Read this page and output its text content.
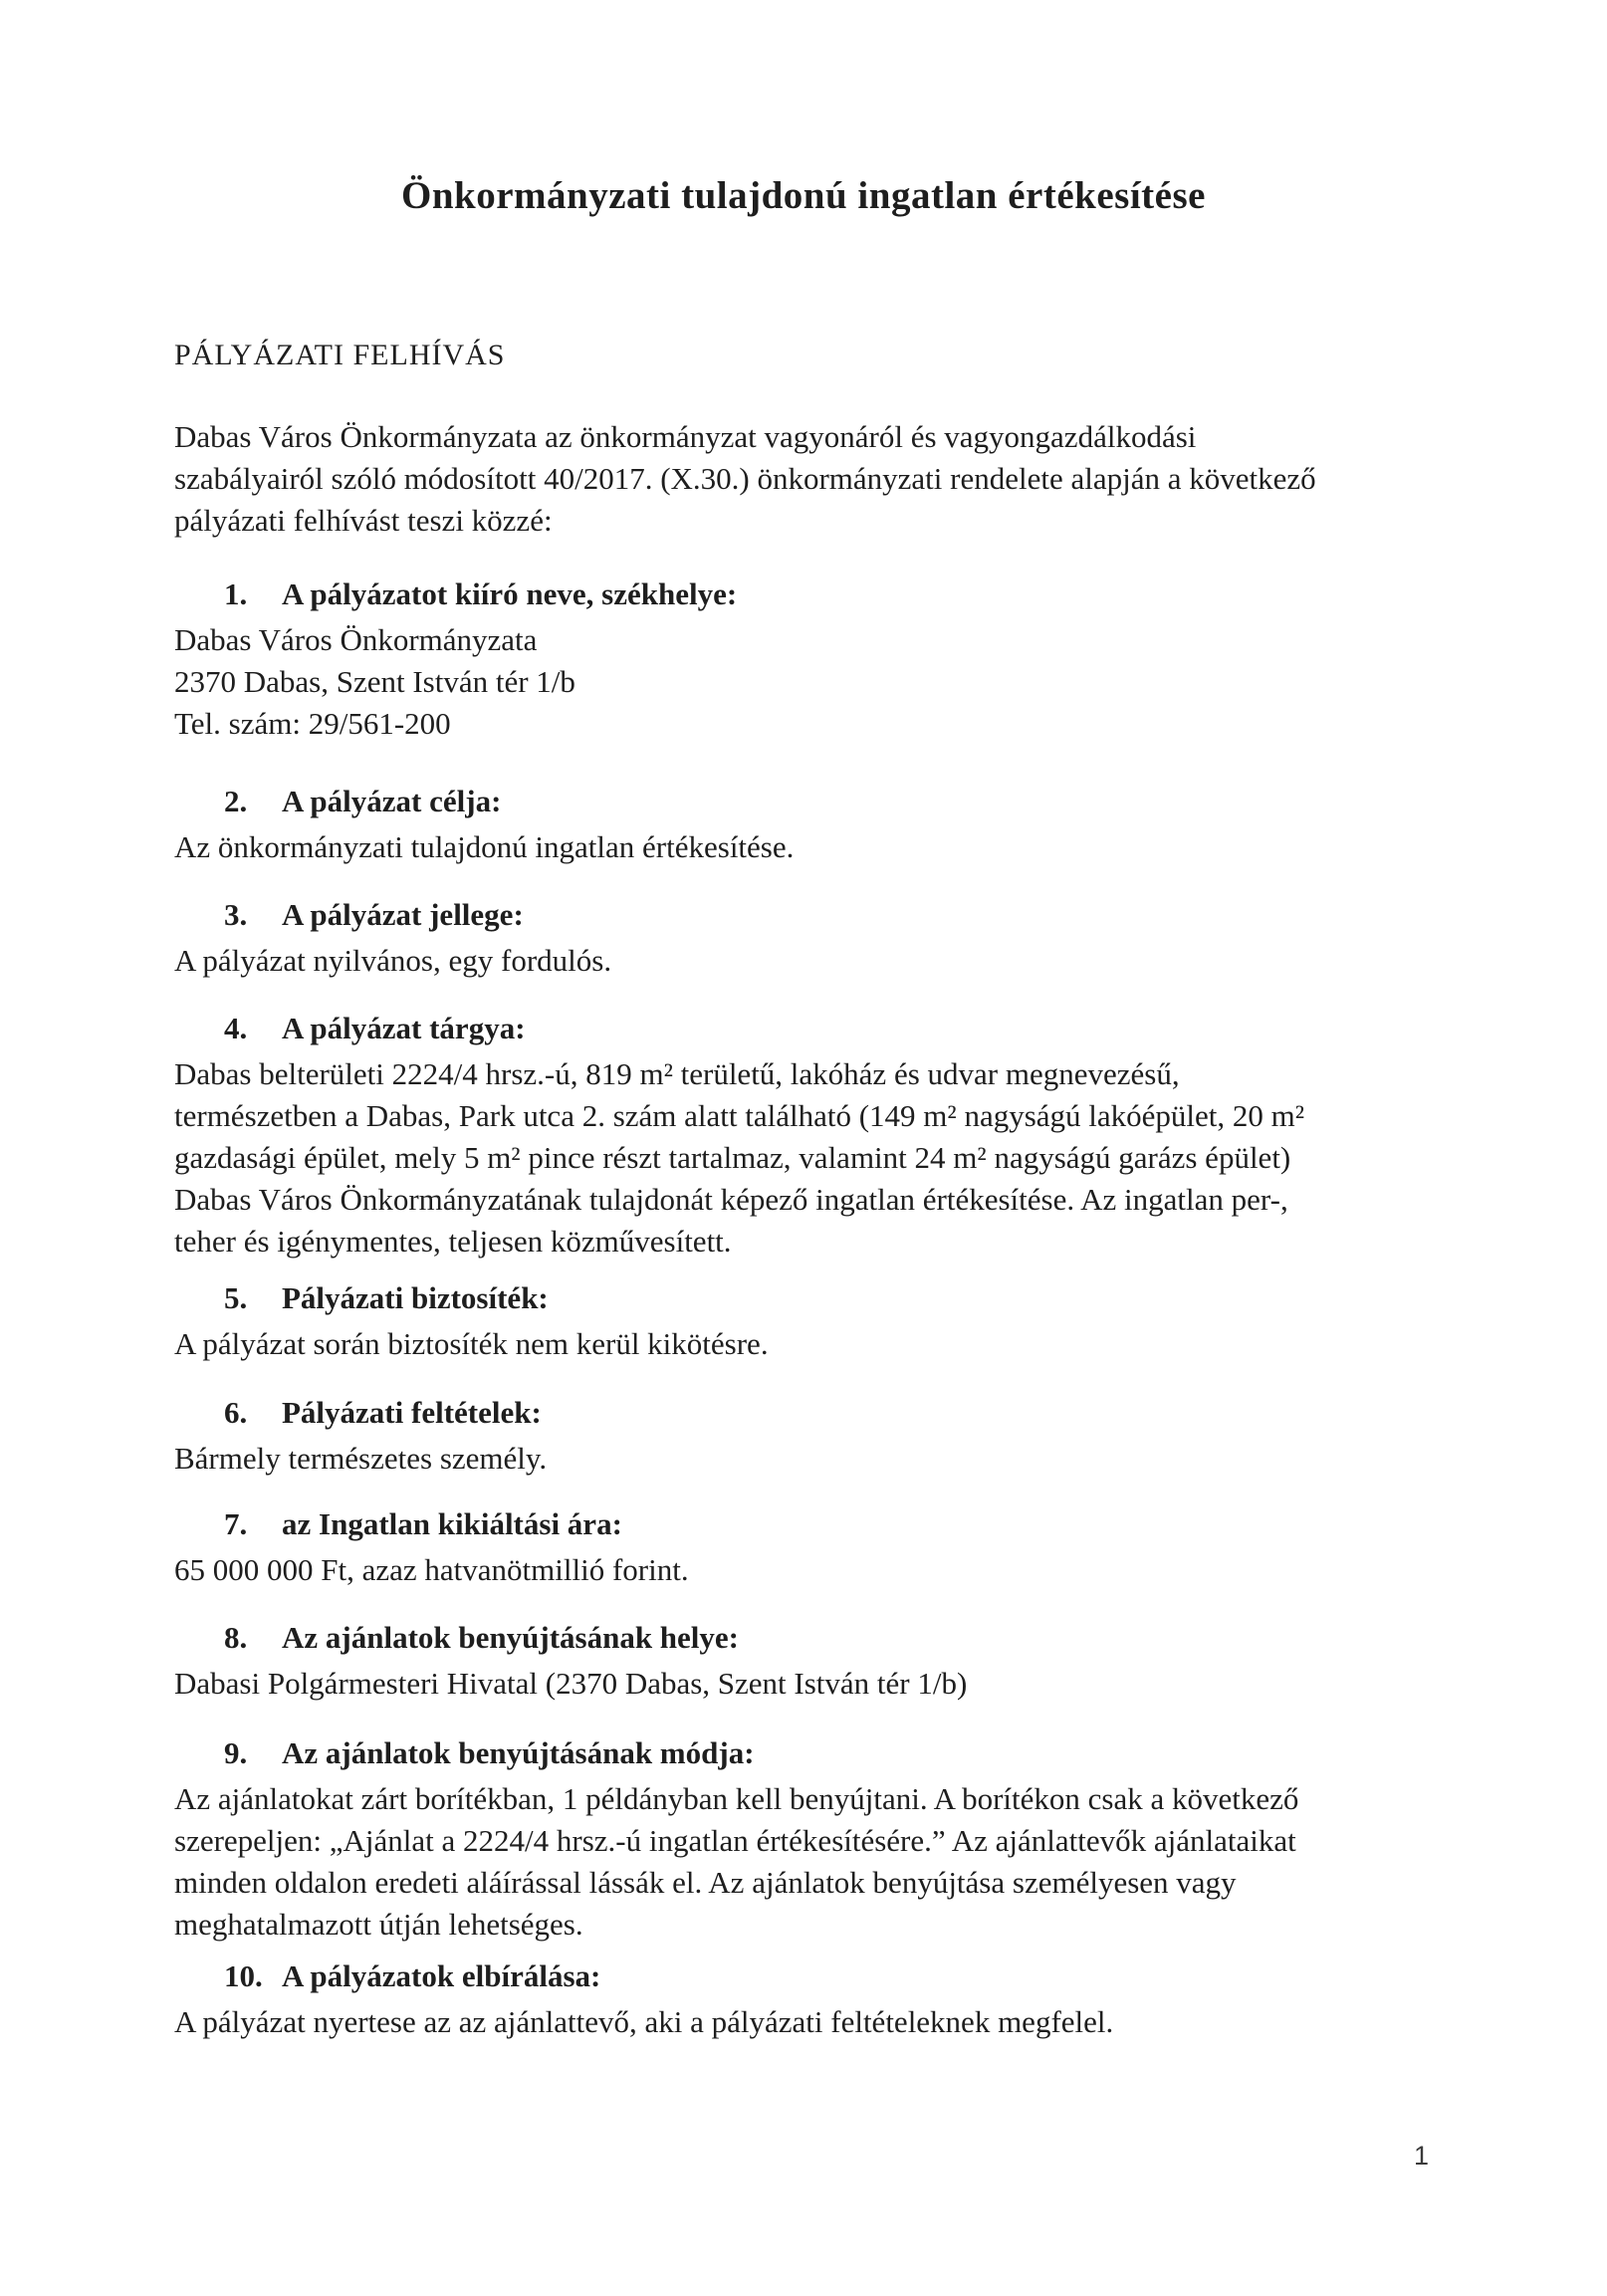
Önkormányzati tulajdonú ingatlan értékesítése
PÁLYÁZATI FELHÍVÁS
Dabas Város Önkormányzata az önkormányzat vagyonáról és vagyongazdálkodási
szabályairól szóló módosított 40/2017. (X.30.) önkormányzati rendelete alapján a következő
pályázati felhívást teszi közzé:
1. A pályázatot kiíró neve, székhelye:
Dabas Város Önkormányzata
2370 Dabas, Szent István tér 1/b
Tel. szám: 29/561-200
2. A pályázat célja:
Az önkormányzati tulajdonú ingatlan értékesítése.
3. A pályázat jellege:
A pályázat nyilvános, egy fordulós.
4. A pályázat tárgya:
Dabas belterületi 2224/4 hrsz.-ú, 819 m² területű, lakóház és udvar megnevezésű,
természetben a Dabas, Park utca 2. szám alatt található (149 m² nagyságú lakóépület, 20 m²
gazdasági épület, mely 5 m² pince részt tartalmaz, valamint 24 m² nagyságú garázs épület)
Dabas Város Önkormányzatának tulajdonát képező ingatlan értékesítése. Az ingatlan per-,
teher és igénymentes, teljesen közművesített.
5. Pályázati biztosíték:
A pályázat során biztosíték nem kerül kikötésre.
6. Pályázati feltételek:
Bármely természetes személy.
7. az Ingatlan kikiáltási ára:
65 000 000 Ft, azaz hatvanötmillió forint.
8. Az ajánlatok benyújtásának helye:
Dabasi Polgármesteri Hivatal (2370 Dabas, Szent István tér 1/b)
9. Az ajánlatok benyújtásának módja:
Az ajánlatokat zárt borítékban, 1 példányban kell benyújtani. A borítékon csak a következő
szerepeljen: „Ajánlat a 2224/4 hrsz.-ú ingatlan értékesítésére.” Az ajánlattevők ajánlataikat
minden oldalon eredeti aláírással lássák el. Az ajánlatok benyújtása személyesen vagy
meghatalmazott útján lehetséges.
10. A pályázatok elbírálása:
A pályázat nyertese az az ajánlattevő, aki a pályázati feltételeknek megfelel.
1
